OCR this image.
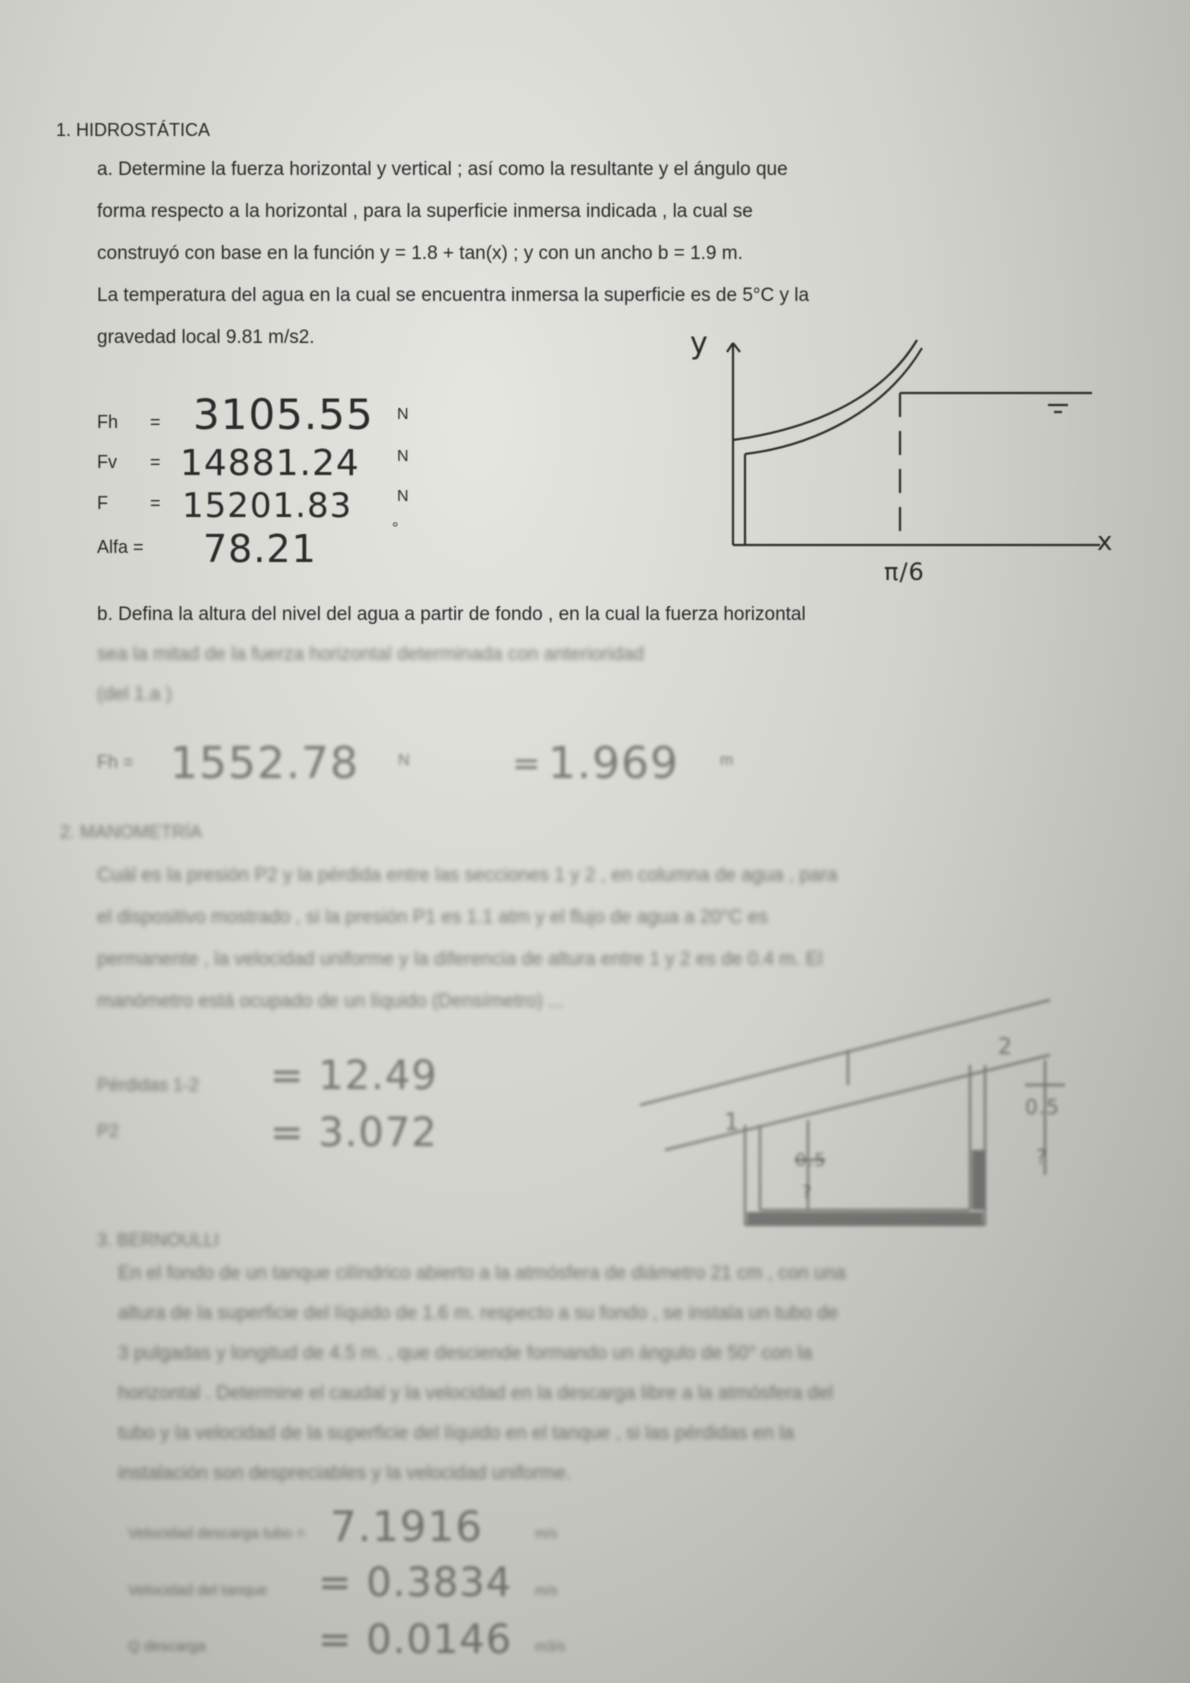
1. HIDROSTÁTICA
a. Determine la fuerza horizontal y vertical ; así como la resultante y el ángulo que
forma respecto a la horizontal , para la superficie inmersa indicada , la cual se
construyó con base en la función y = 1.8 + tan(x) ; y con un ancho b = 1.9 m.
La temperatura del agua en la cual se encuentra inmersa la superficie es de 5°C y la
gravedad local 9.81 m/s2.
Fh = 3105.55 N
Fv = 14881.24 N
F = 15201.83	N
Alfa = 78.21	°
y
x
π/6
b. Defina la altura del nivel del agua a partir de fondo , en la cual la fuerza horizontal
sea la mitad de la fuerza horizontal determinada con anterioridad
(del 1.a )
Fh = 1552.78 N	= 1.969	m
2. MANOMETRÍA
Cuál es la presión P2 y la pérdida entre las secciones 1 y 2 , en columna de agua , para
el dispositivo mostrado , si la presión P1 es 1.1 atm y el flujo de agua a 20°C es
permanente , la velocidad uniforme y la diferencia de altura entre 1 y 2 es de 0.4 m. El
manómetro está ocupado de un líquido (Densímetro) ...
Pérdidas 1-2 = 12.49
P2	= 3.072	1
2
0.5
?
0.5
?
3. BERNOULLI
En el fondo de un tanque cilíndrico abierto a la atmósfera de diámetro 21 cm , con una
altura de la superficie del líquido de 1.6 m. respecto a su fondo , se instala un tubo de
3 pulgadas y longitud de 4.5 m. , que desciende formando un ángulo de 50° con la
horizontal . Determine el caudal y la velocidad en la descarga libre a la atmósfera del
tubo y la velocidad de la superficie del líquido en el tanque , si las pérdidas en la
instalación son despreciables y la velocidad uniforme.
Velocidad descarga tubo = 7.1916	m/s
Velocidad del tanque = 0.3834 m/s
Q descarga	= 0.0146 m3/s
